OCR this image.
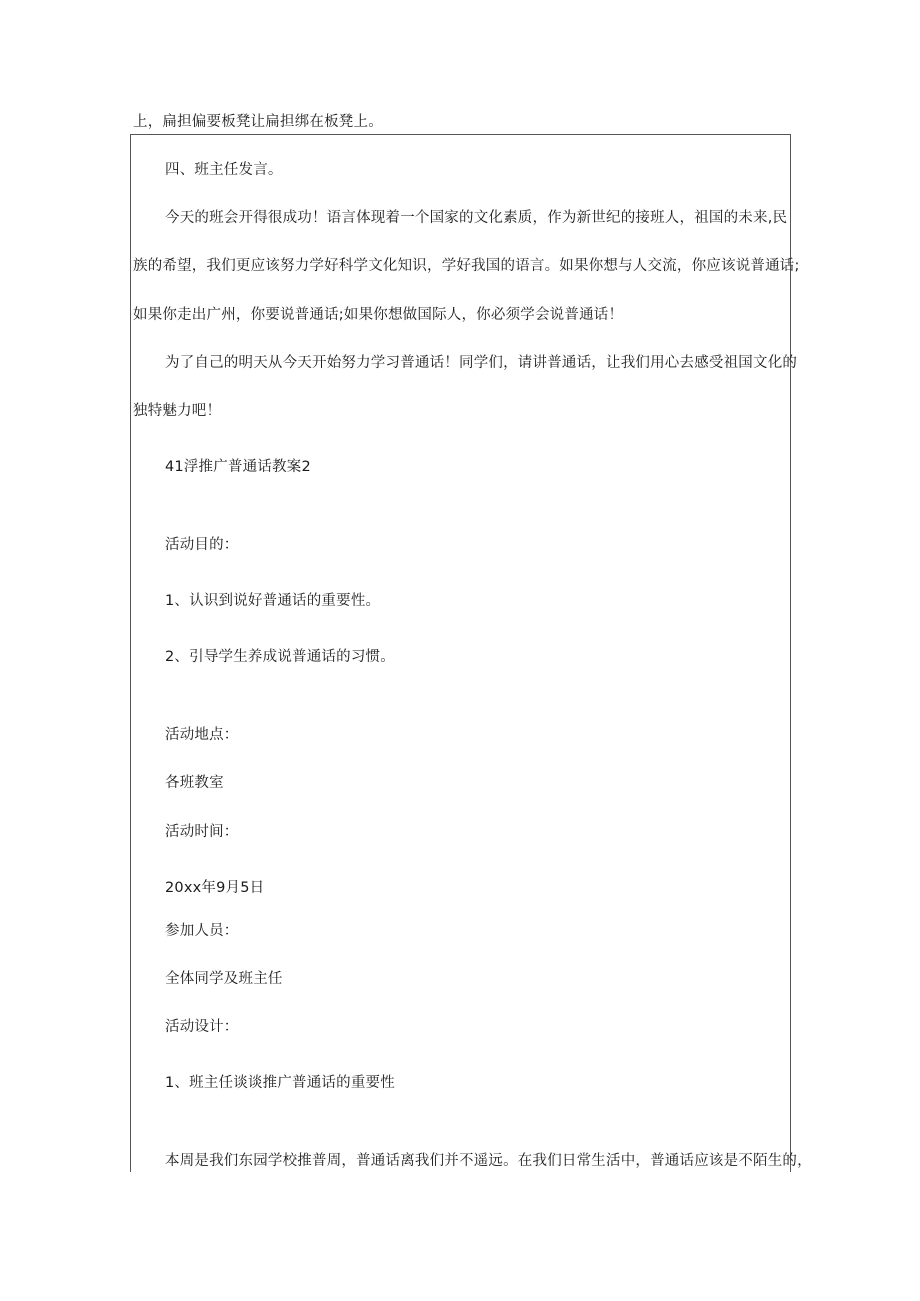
上，扁担偏要板凳让扁担绑在板凳上。
四、班主任发言。
今天的班会开得很成功！语言体现着一个国家的文化素质，作为新世纪的接班人，祖国的未来,民
族的希望，我们更应该努力学好科学文化知识，学好我国的语言。如果你想与人交流，你应该说普通话;
如果你走出广州，你要说普通话;如果你想做国际人，你必须学会说普通话！
为了自己的明天从今天开始努力学习普通话！同学们，请讲普通话，让我们用心去感受祖国文化的
独特魅力吧！
41浮推广普通话教案2
活动目的：
1、认识到说好普通话的重要性。
2、引导学生养成说普通话的习惯。
活动地点：
各班教室
活动时间：
20xx年9月5日
参加人员：
全体同学及班主任
活动设计：
1、班主任谈谈推广普通话的重要性
本周是我们东园学校推普周，普通话离我们并不遥远。在我们日常生活中，普通话应该是不陌生的，
